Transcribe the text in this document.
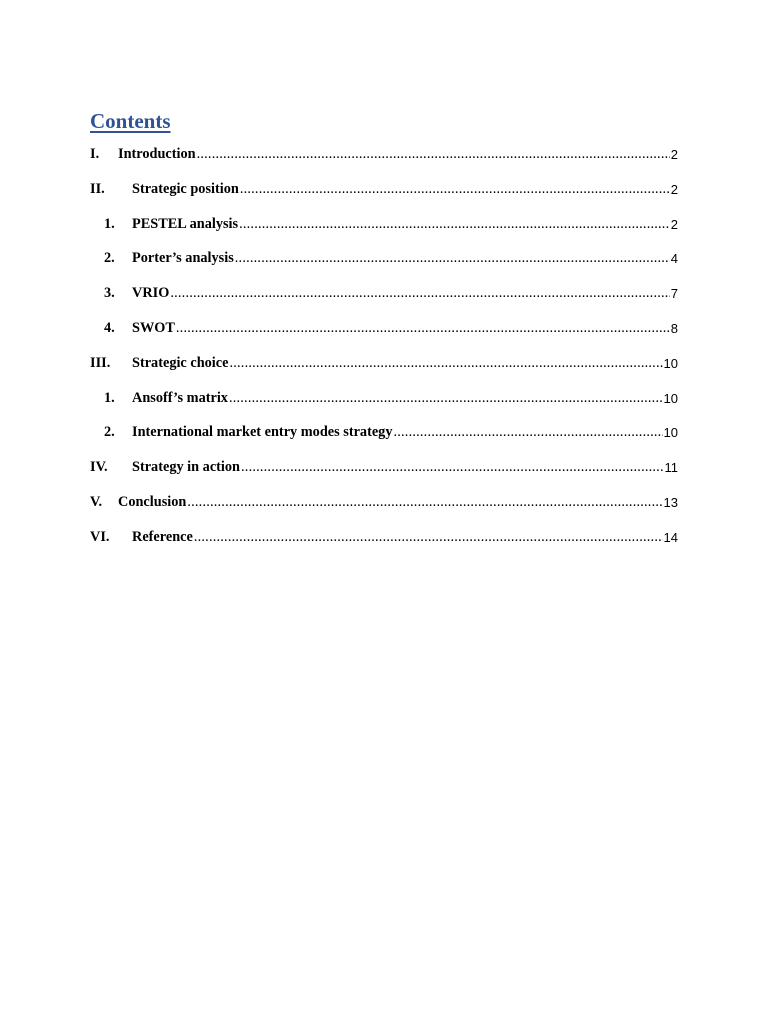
Contents
I.	Introduction .....	2
II.	Strategic position .....	2
1.	PESTEL analysis .....	2
2.	Porter’s analysis .....	4
3.	VRIO .....	7
4.	SWOT .....	8
III.	Strategic choice .....	10
1.	Ansoff’s matrix .....	10
2.	International market entry modes strategy .....	10
IV.	Strategy in action .....	11
V.	Conclusion .....	13
VI.	Reference .....	14
